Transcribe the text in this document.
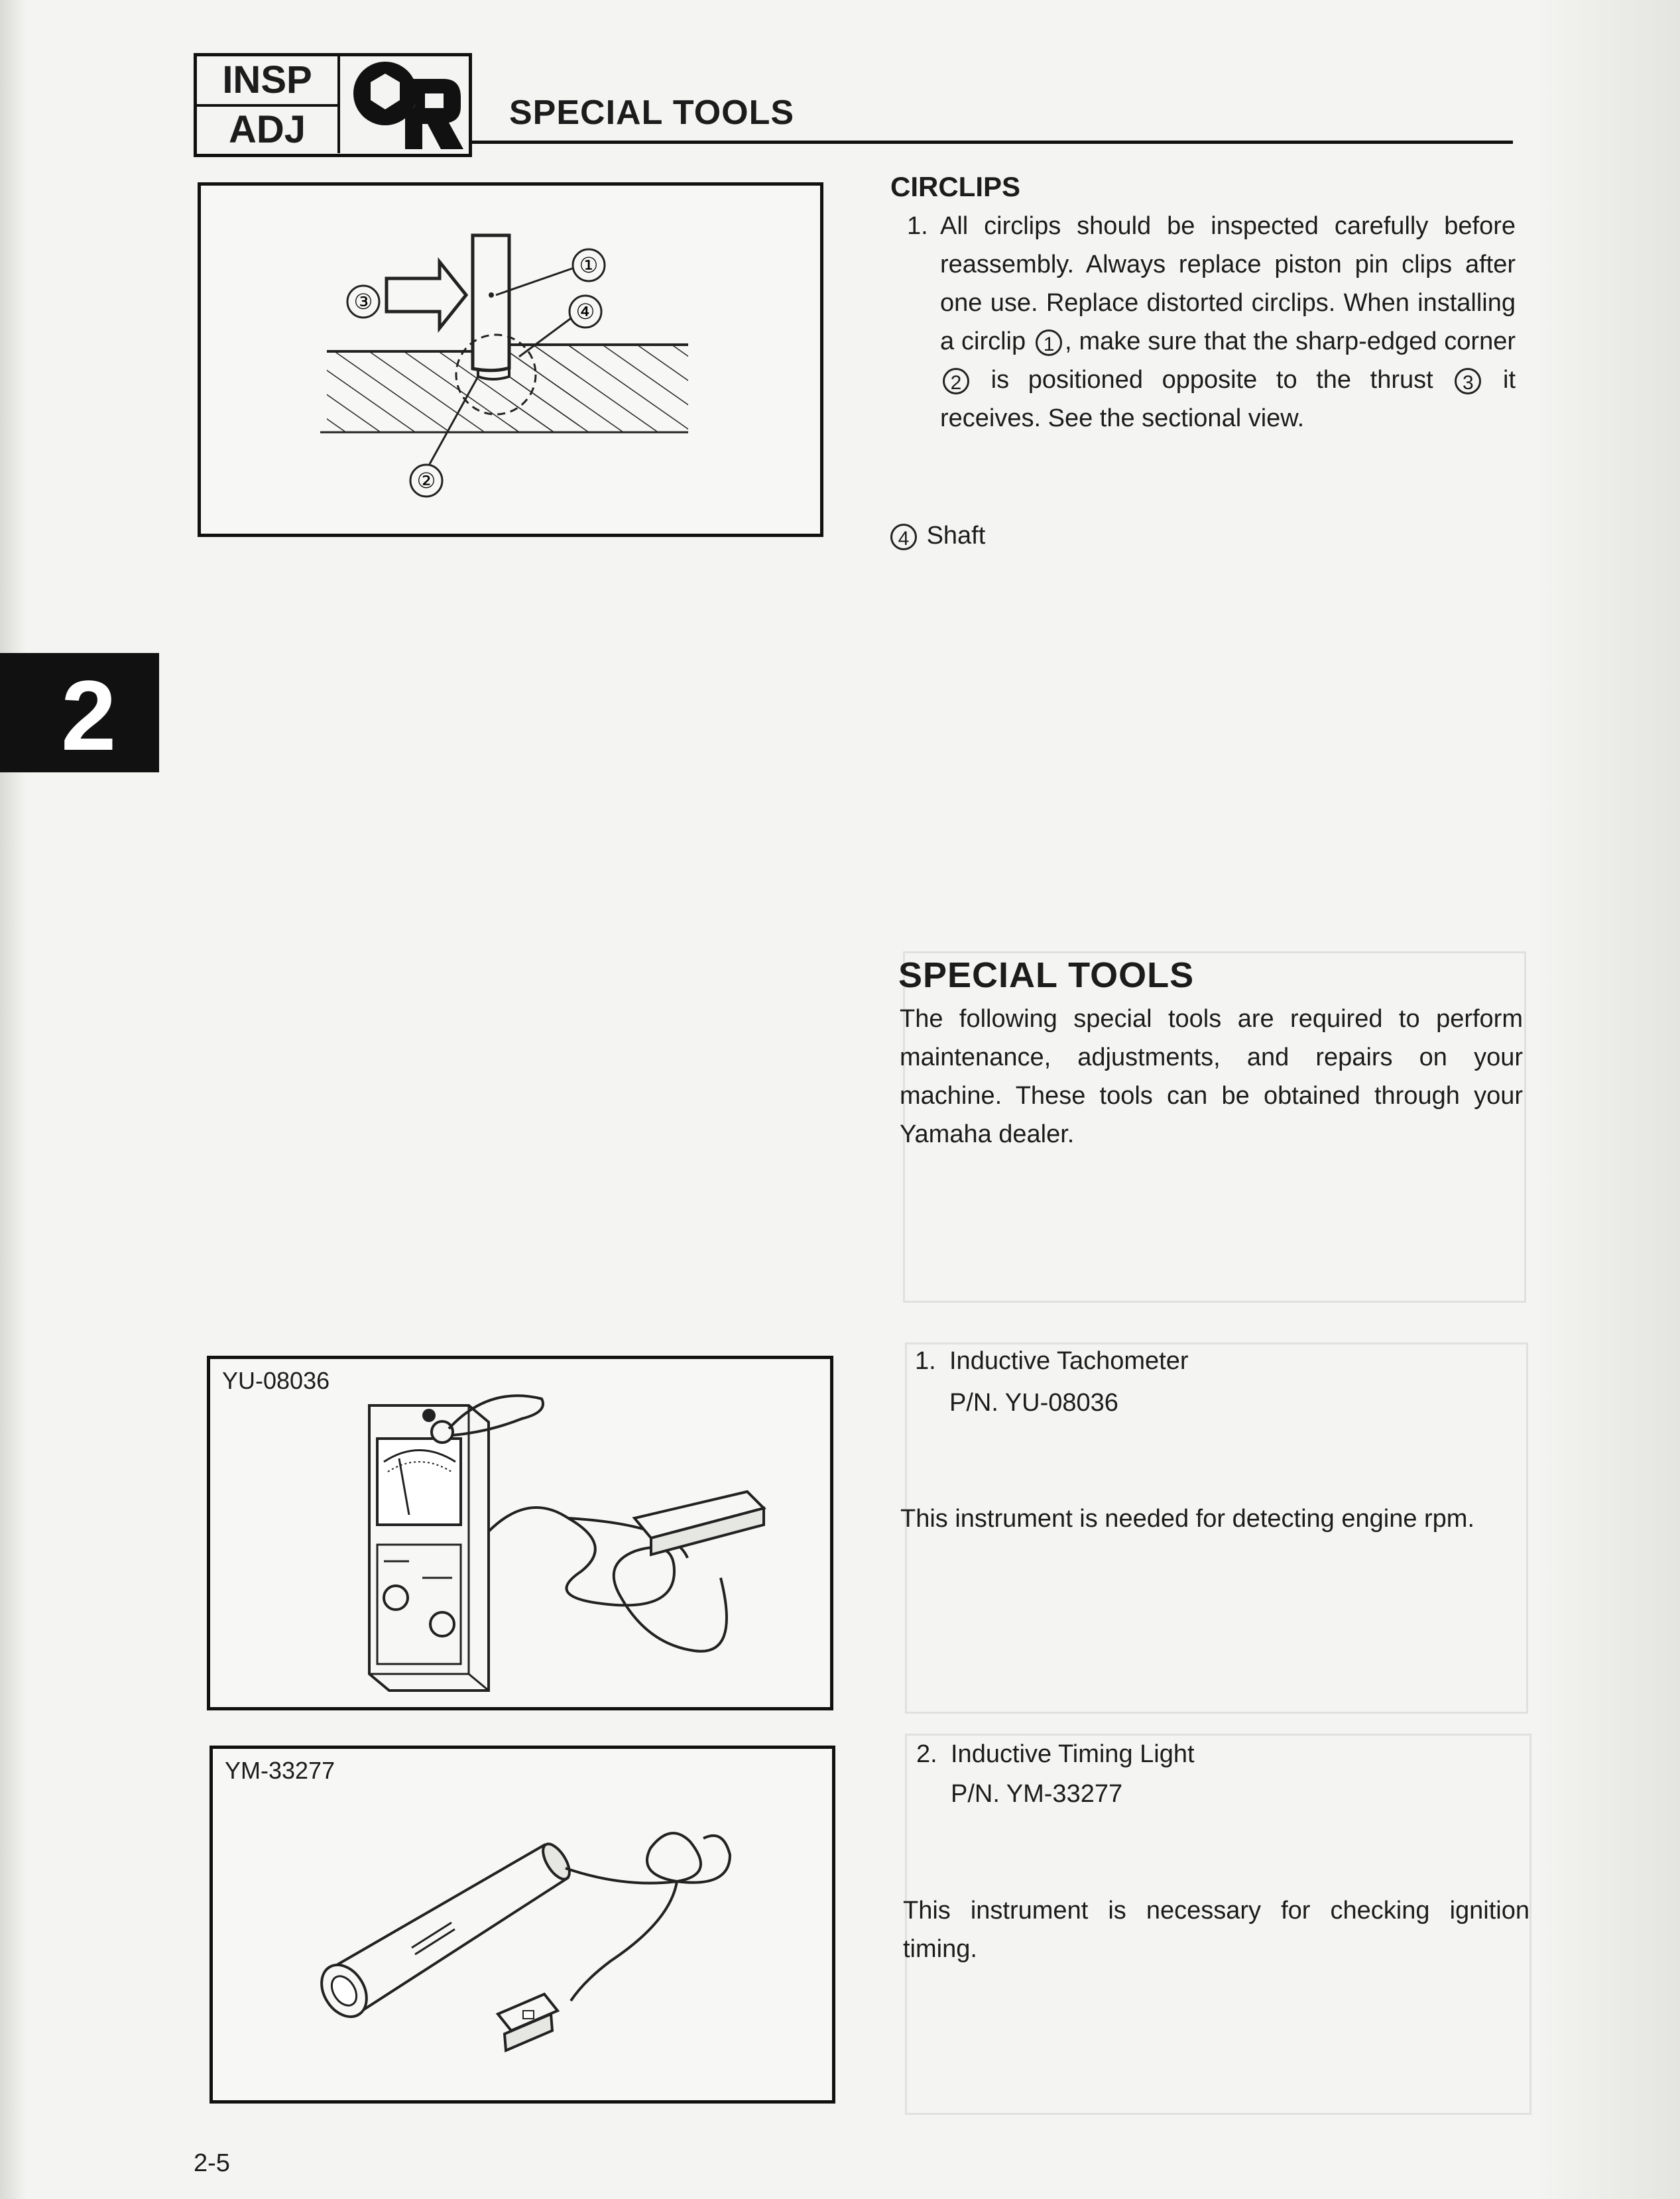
INSP
ADJ	SPECIAL TOOLS
2
①
④
③
②
CIRCLIPS
1. All circlips should be inspected carefully before reassembly. Always replace piston pin clips after one use. Replace distorted circlips. When installing a circlip 1 , make sure that the sharp-edged corner 2 is positioned opposite to the thrust 3 it receives. See the sectional view.
4 Shaft
SPECIAL TOOLS
The following special tools are required to perform maintenance, adjustments, and repairs on your machine. These tools can be obtained through your Yamaha dealer.
YU-08036
1. Inductive Tachometer
P/N. YU-08036
This instrument is needed for detecting engine rpm.
YM-33277
2. Inductive Timing Light
P/N. YM-33277
This instrument is necessary for checking ignition timing.
2-5
